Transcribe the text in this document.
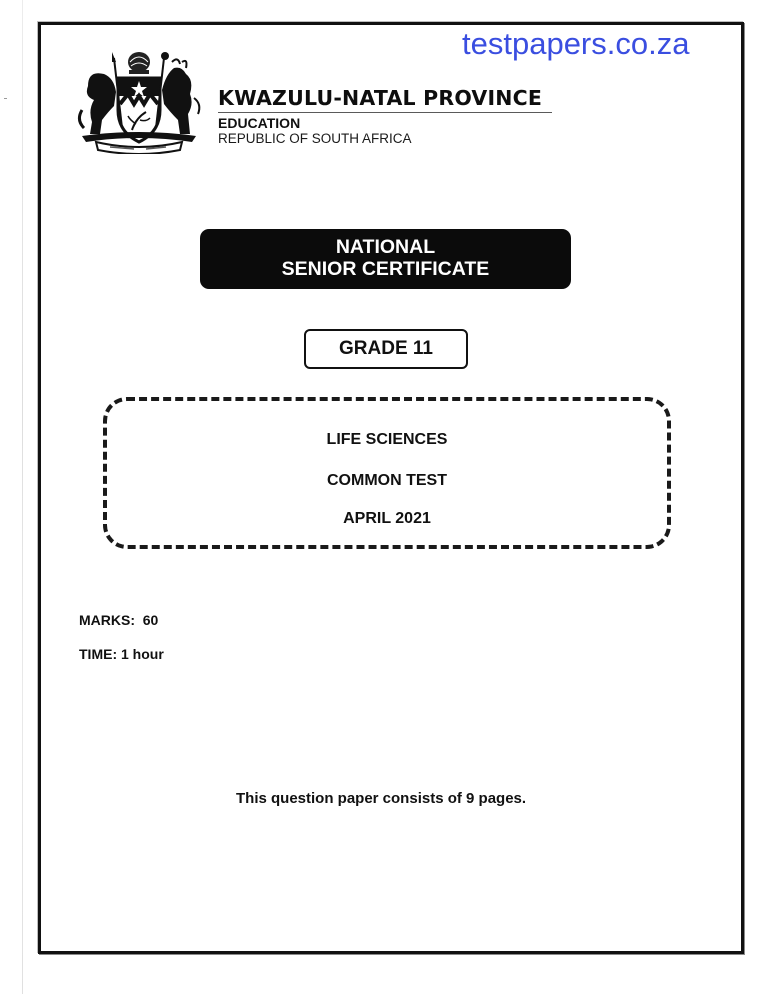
testpapers.co.za
KWAZULU-NATAL PROVINCE
EDUCATION
REPUBLIC OF SOUTH AFRICA
NATIONAL
SENIOR CERTIFICATE
GRADE 11
LIFE SCIENCES
COMMON TEST
APRIL 2021
MARKS:  60
TIME: 1 hour
This question paper consists of 9 pages.
